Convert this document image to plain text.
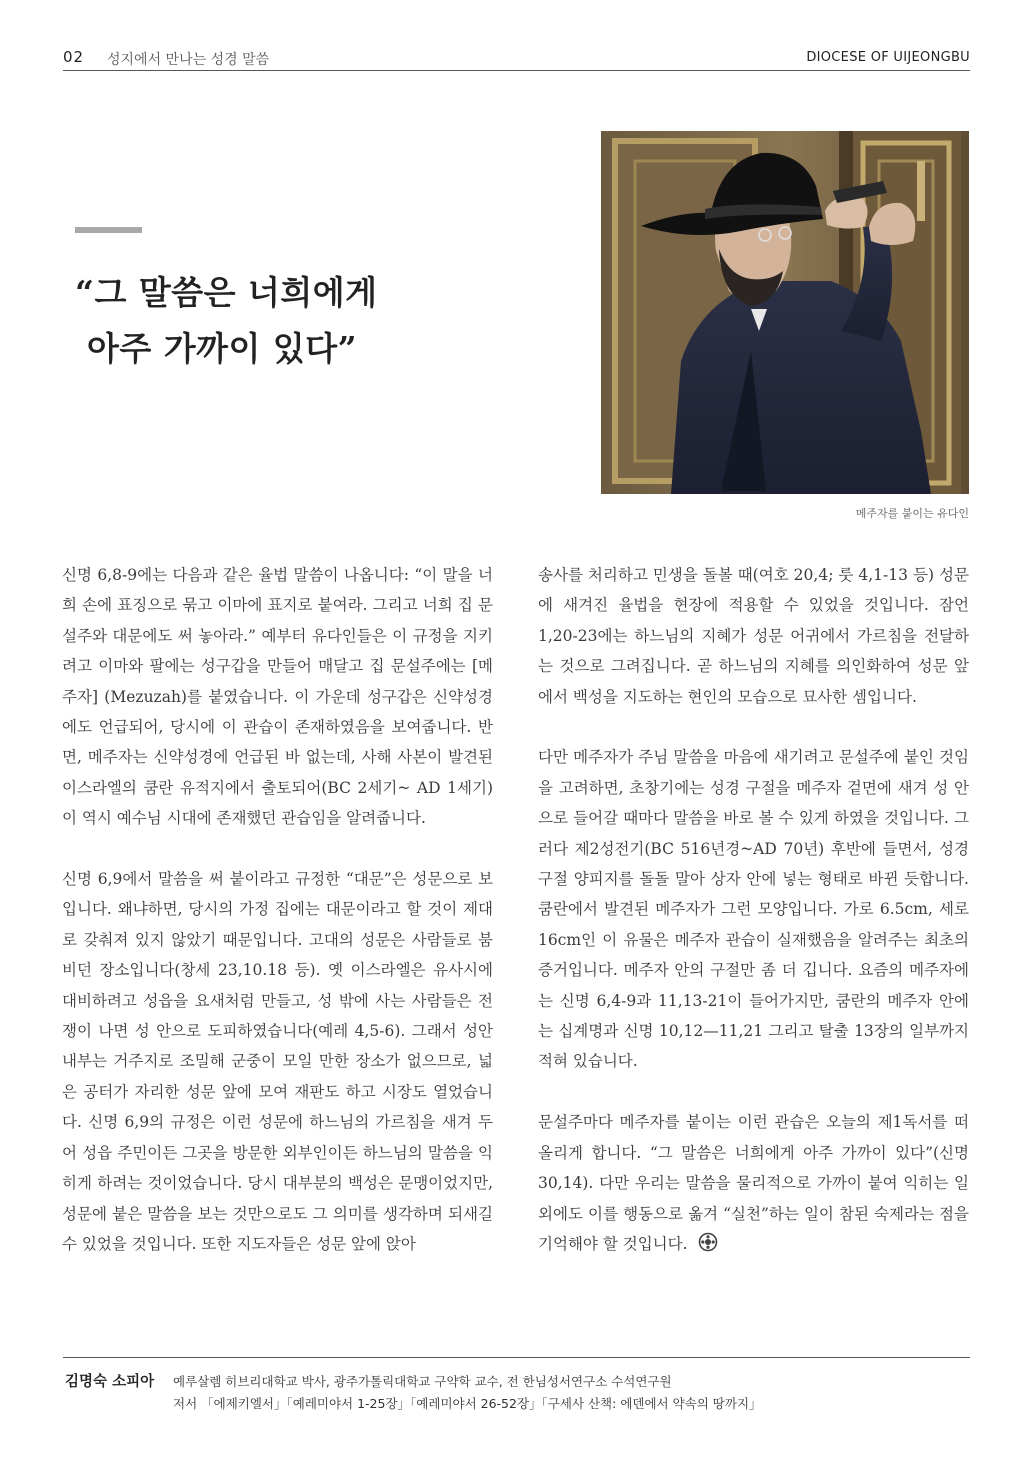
02 성지에서 만나는 성경 말씀	DIOCESE OF UIJEONGBU
“그 말씀은 너희에게
아주 가까이 있다”
메주자를 붙이는 유다인

신명 6,8-9에는 다음과 같은 율법 말씀이 나옵니다: “이 말을 너희 손에 표징으로 묶고 이마에 표지로 붙여라. 그리고 너희 집 문설주와 대문에도 써 놓아라.” 예부터 유다인들은 이 규정을 지키려고 이마와 팔에는 성구갑을 만들어 매달고 집 문설주에는 [메주자] (Mezuzah)를 붙였습니다. 이 가운데 성구갑은 신약성경에도 언급되어, 당시에 이 관습이 존재하였음을 보여줍니다. 반면, 메주자는 신약성경에 언급된 바 없는데, 사해 사본이 발견된 이스라엘의 쿰란 유적지에서 출토되어(BC 2세기~ AD 1세기) 이 역시 예수님 시대에 존재했던 관습임을 알려줍니다.

신명 6,9에서 말씀을 써 붙이라고 규정한 “대문”은 성문으로 보입니다. 왜냐하면, 당시의 가정 집에는 대문이라고 할 것이 제대로 갖춰져 있지 않았기 때문입니다. 고대의 성문은 사람들로 붐비던 장소입니다(창세 23,10.18 등). 옛 이스라엘은 유사시에 대비하려고 성읍을 요새처럼 만들고, 성 밖에 사는 사람들은 전쟁이 나면 성 안으로 도피하였습니다(예레 4,5-6). 그래서 성안 내부는 거주지로 조밀해 군중이 모일 만한 장소가 없으므로, 넓은 공터가 자리한 성문 앞에 모여 재판도 하고 시장도 열었습니다. 신명 6,9의 규정은 이런 성문에 하느님의 가르침을 새겨 두어 성읍 주민이든 그곳을 방문한 외부인이든 하느님의 말씀을 익히게 하려는 것이었습니다. 당시 대부분의 백성은 문맹이었지만, 성문에 붙은 말씀을 보는 것만으로도 그 의미를 생각하며 되새길 수 있었을 것입니다. 또한 지도자들은 성문 앞에 앉아

송사를 처리하고 민생을 돌볼 때(여호 20,4; 룻 4,1-13 등) 성문에 새겨진 율법을 현장에 적용할 수 있었을 것입니다. 잠언 1,20-23에는 하느님의 지혜가 성문 어귀에서 가르침을 전달하는 것으로 그려집니다. 곧 하느님의 지혜를 의인화하여 성문 앞에서 백성을 지도하는 현인의 모습으로 묘사한 셈입니다.

다만 메주자가 주님 말씀을 마음에 새기려고 문설주에 붙인 것임을 고려하면, 초창기에는 성경 구절을 메주자 겉면에 새겨 성 안으로 들어갈 때마다 말씀을 바로 볼 수 있게 하였을 것입니다. 그러다 제2성전기(BC 516년경~AD 70년) 후반에 들면서, 성경 구절 양피지를 돌돌 말아 상자 안에 넣는 형태로 바뀐 듯합니다. 쿰란에서 발견된 메주자가 그런 모양입니다. 가로 6.5cm, 세로 16cm인 이 유물은 메주자 관습이 실재했음을 알려주는 최초의 증거입니다. 메주자 안의 구절만 좀 더 깁니다. 요즘의 메주자에는 신명 6,4-9과 11,13-21이 들어가지만, 쿰란의 메주자 안에는 십계명과 신명 10,12—11,21 그리고 탈출 13장의 일부까지 적혀 있습니다.

문설주마다 메주자를 붙이는 이런 관습은 오늘의 제1독서를 떠올리게 합니다. “그 말씀은 너희에게 아주 가까이 있다”(신명 30,14). 다만 우리는 말씀을 물리적으로 가까이 붙여 익히는 일 외에도 이를 행동으로 옮겨 “실천”하는 일이 참된 숙제라는 점을 기억해야 할 것입니다.

김명숙 소피아 예루살렘 히브리대학교 박사, 광주가톨릭대학교 구약학 교수, 전 한님성서연구소 수석연구원
저서 「에제키엘서」「예레미야서 1-25장」「예레미야서 26-52장」「구세사 산책: 에덴에서 약속의 땅까지」
